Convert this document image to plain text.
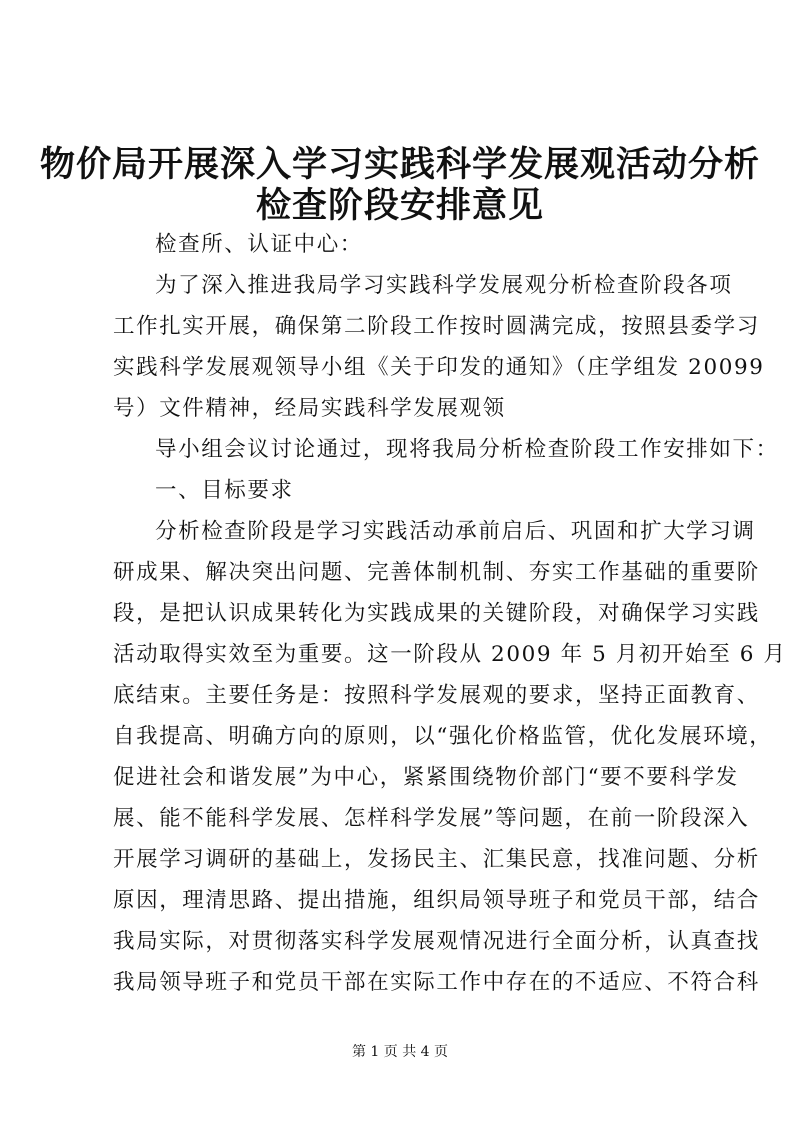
物价局开展深入学习实践科学发展观活动分析
检查阶段安排意见
检查所、认证中心：
为了深入推进我局学习实践科学发展观分析检查阶段各项
工作扎实开展，确保第二阶段工作按时圆满完成，按照县委学习
实践科学发展观领导小组《关于印发的通知》（庄学组发 20099
号）文件精神，经局实践科学发展观领
导小组会议讨论通过，现将我局分析检查阶段工作安排如下：
一、目标要求
分析检查阶段是学习实践活动承前启后、巩固和扩大学习调
研成果、解决突出问题、完善体制机制、夯实工作基础的重要阶
段，是把认识成果转化为实践成果的关键阶段，对确保学习实践
活动取得实效至为重要。这一阶段从 2009 年 5 月初开始至 6 月
底结束。主要任务是：按照科学发展观的要求，坚持正面教育、
自我提高、明确方向的原则，以“强化价格监管，优化发展环境，
促进社会和谐发展”为中心，紧紧围绕物价部门“要不要科学发
展、能不能科学发展、怎样科学发展”等问题，在前一阶段深入
开展学习调研的基础上，发扬民主、汇集民意，找准问题、分析
原因，理清思路、提出措施，组织局领导班子和党员干部，结合
我局实际，对贯彻落实科学发展观情况进行全面分析，认真查找
我局领导班子和党员干部在实际工作中存在的不适应、不符合科
第 1 页 共 4 页
